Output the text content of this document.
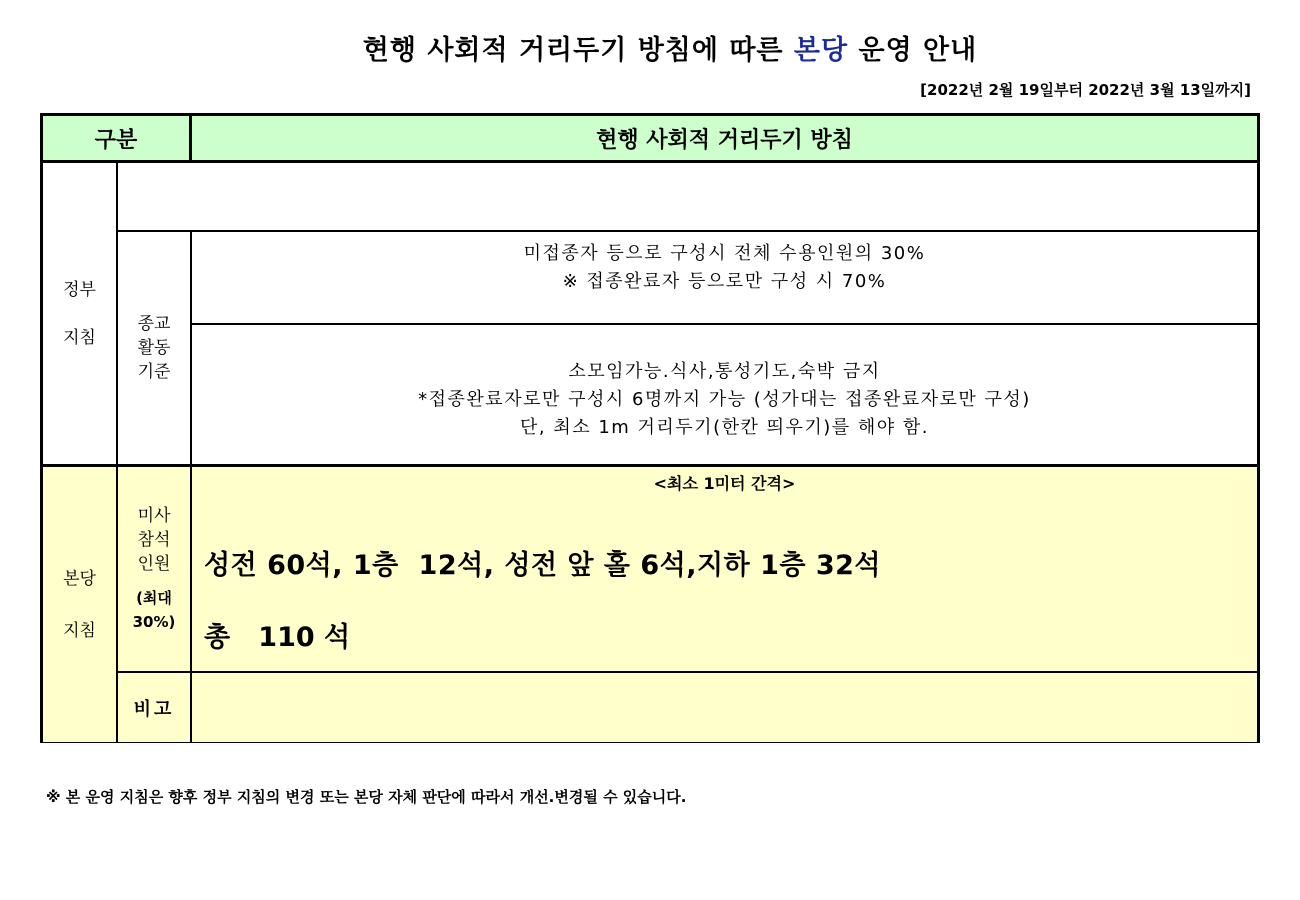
현행 사회적 거리두기 방침에 따른 본당 운영 안내
[2022년 2월 19일부터 2022년 3월 13일까지]
구분	현행 사회적 거리두기 방침
정부
지침
종교
활동
기준
미접종자 등으로 구성시 전체 수용인원의 30%
※ 접종완료자 등으로만 구성 시 70%
소모임가능.식사,통성기도,숙박 금지
*접종완료자로만 구성시 6명까지 가능 (성가대는 접종완료자로만 구성)
단, 최소 1m 거리두기(한칸 띄우기)를 해야 함.
본당
지침
미사
참석
인원
(최대
30%)
<최소 1미터 간격>
성전 60석, 1층  12석, 성전 앞 홀 6석,지하 1층 32석
총   110 석
비고
※ 본 운영 지침은 향후 정부 지침의 변경 또는 본당 자체 판단에 따라서 개선.변경될 수 있습니다.
